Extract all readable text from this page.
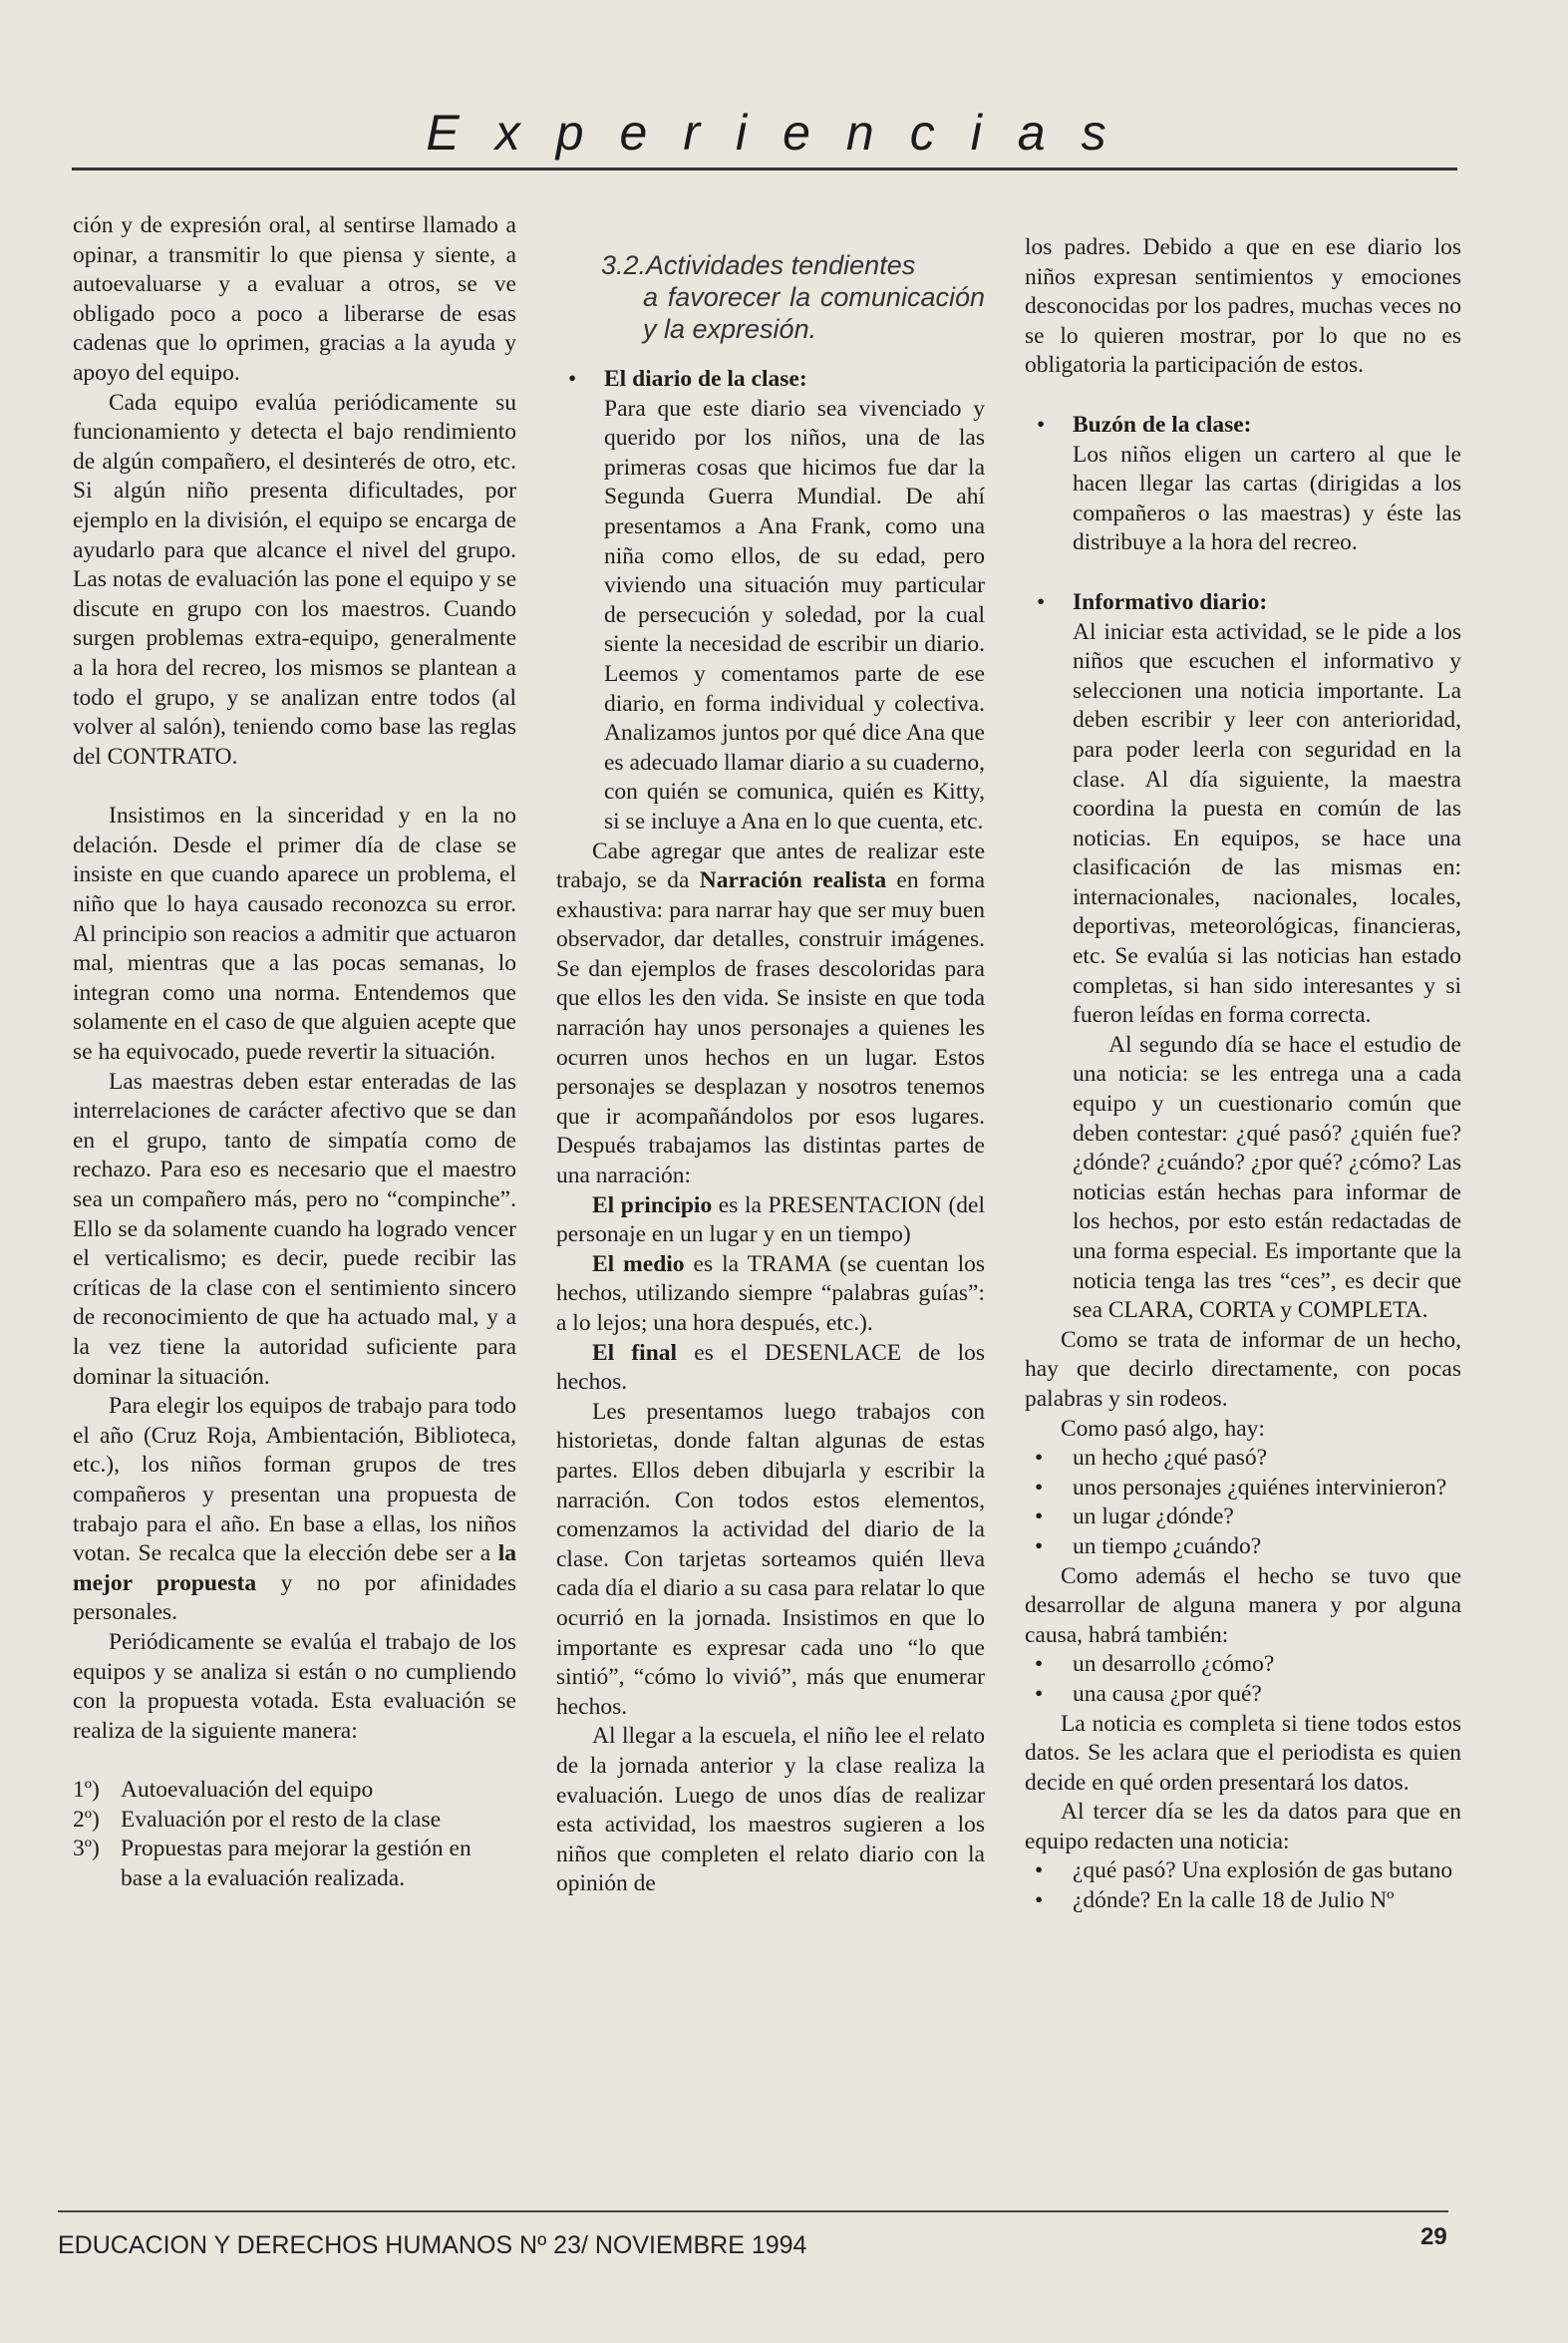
Experiencias

ción y de expresión oral, al sentirse llamado a opinar, a transmitir lo que piensa y siente, a autoevaluarse y a evaluar a otros, se ve obligado poco a poco a liberarse de esas cadenas que lo oprimen, gracias a la ayuda y apoyo del equipo.

Cada equipo evalúa periódicamente su funcionamiento y detecta el bajo rendimiento de algún compañero, el desinterés de otro, etc. Si algún niño presenta dificultades, por ejemplo en la división, el equipo se encarga de ayudarlo para que alcance el nivel del grupo. Las notas de evaluación las pone el equipo y se discute en grupo con los maestros. Cuando surgen problemas extra-equipo, generalmente a la hora del recreo, los mismos se plantean a todo el grupo, y se analizan entre todos (al volver al salón), teniendo como base las reglas del CONTRATO.

Insistimos en la sinceridad y en la no delación. Desde el primer día de clase se insiste en que cuando aparece un problema, el niño que lo haya causado reconozca su error. Al principio son reacios a admitir que actuaron mal, mientras que a las pocas semanas, lo integran como una norma. Entendemos que solamente en el caso de que alguien acepte que se ha equivocado, puede revertir la situación.

Las maestras deben estar enteradas de las interrelaciones de carácter afectivo que se dan en el grupo, tanto de simpatía como de rechazo. Para eso es necesario que el maestro sea un compañero más, pero no “compinche”. Ello se da solamente cuando ha logrado vencer el verticalismo; es decir, puede recibir las críticas de la clase con el sentimiento sincero de reconocimiento de que ha actuado mal, y a la vez tiene la autoridad suficiente para dominar la situación.

Para elegir los equipos de trabajo para todo el año (Cruz Roja, Ambientación, Biblioteca, etc.), los niños forman grupos de tres compañeros y presentan una propuesta de trabajo para el año. En base a ellas, los niños votan. Se recalca que la elección debe ser a la mejor propuesta y no por afinidades personales.

Periódicamente se evalúa el trabajo de los equipos y se analiza si están o no cumpliendo con la propuesta votada. Esta evaluación se realiza de la siguiente manera:

1º) Autoevaluación del equipo

2º) Evaluación por el resto de la clase

3º) Propuestas para mejorar la gestión en base a la evaluación realizada.

3.2.Actividades tendientes
a favorecer la comunicación y la expresión.
• El diario de la clase:

Para que este diario sea vivenciado y querido por los niños, una de las primeras cosas que hicimos fue dar la Segunda Guerra Mundial. De ahí presentamos a Ana Frank, como una niña como ellos, de su edad, pero viviendo una situación muy particular de persecución y soledad, por la cual siente la necesidad de escribir un diario. Leemos y comentamos parte de ese diario, en forma individual y colectiva. Analizamos juntos por qué dice Ana que es adecuado llamar diario a su cuaderno, con quién se comunica, quién es Kitty, si se incluye a Ana en lo que cuenta, etc.

Cabe agregar que antes de realizar este trabajo, se da Narración realista en forma exhaustiva: para narrar hay que ser muy buen observador, dar detalles, construir imágenes. Se dan ejemplos de frases descoloridas para que ellos les den vida. Se insiste en que toda narración hay unos personajes a quienes les ocurren unos hechos en un lugar. Estos personajes se desplazan y nosotros tenemos que ir acompañándolos por esos lugares. Después trabajamos las distintas partes de una narración:

El principio es la PRESENTACION (del personaje en un lugar y en un tiempo)

El medio es la TRAMA (se cuentan los hechos, utilizando siempre “palabras guías”: a lo lejos; una hora después, etc.).

El final es el DESENLACE de los hechos.

Les presentamos luego trabajos con historietas, donde faltan algunas de estas partes. Ellos deben dibujarla y escribir la narración. Con todos estos elementos, comenzamos la actividad del diario de la clase. Con tarjetas sorteamos quién lleva cada día el diario a su casa para relatar lo que ocurrió en la jornada. Insistimos en que lo importante es expresar cada uno “lo que sintió”, “cómo lo vivió”, más que enumerar hechos.

Al llegar a la escuela, el niño lee el relato de la jornada anterior y la clase realiza la evaluación. Luego de unos días de realizar esta actividad, los maestros sugieren a los niños que completen el relato diario con la opinión de

los padres. Debido a que en ese diario los niños expresan sentimientos y emociones desconocidas por los padres, muchas veces no se lo quieren mostrar, por lo que no es obligatoria la participación de estos.

• Buzón de la clase:

Los niños eligen un cartero al que le hacen llegar las cartas (dirigidas a los compañeros o las maestras) y éste las distribuye a la hora del recreo.

• Informativo diario:

Al iniciar esta actividad, se le pide a los niños que escuchen el informativo y seleccionen una noticia importante. La deben escribir y leer con anterioridad, para poder leerla con seguridad en la clase. Al día siguiente, la maestra coordina la puesta en común de las noticias. En equipos, se hace una clasificación de las mismas en: internacionales, nacionales, locales, deportivas, meteorológicas, financieras, etc. Se evalúa si las noticias han estado completas, si han sido interesantes y si fueron leídas en forma correcta.

Al segundo día se hace el estudio de una noticia: se les entrega una a cada equipo y un cuestionario común que deben contestar: ¿qué pasó? ¿quién fue? ¿dónde? ¿cuándo? ¿por qué? ¿cómo? Las noticias están hechas para informar de los hechos, por esto están redactadas de una forma especial. Es importante que la noticia tenga las tres “ces”, es decir que sea CLARA, CORTA y COMPLETA.

Como se trata de informar de un hecho, hay que decirlo directamente, con pocas palabras y sin rodeos.

Como pasó algo, hay:

• un hecho ¿qué pasó?

• unos personajes ¿quiénes intervinieron?

• un lugar ¿dónde?

• un tiempo ¿cuándo?

Como además el hecho se tuvo que desarrollar de alguna manera y por alguna causa, habrá también:

• un desarrollo ¿cómo?

• una causa ¿por qué?

La noticia es completa si tiene todos estos datos. Se les aclara que el periodista es quien decide en qué orden presentará los datos.

Al tercer día se les da datos para que en equipo redacten una noticia:

• ¿qué pasó? Una explosión de gas butano

• ¿dónde? En la calle 18 de Julio Nº

EDUCACION Y DERECHOS HUMANOS Nº 23/ NOVIEMBRE 1994	29
